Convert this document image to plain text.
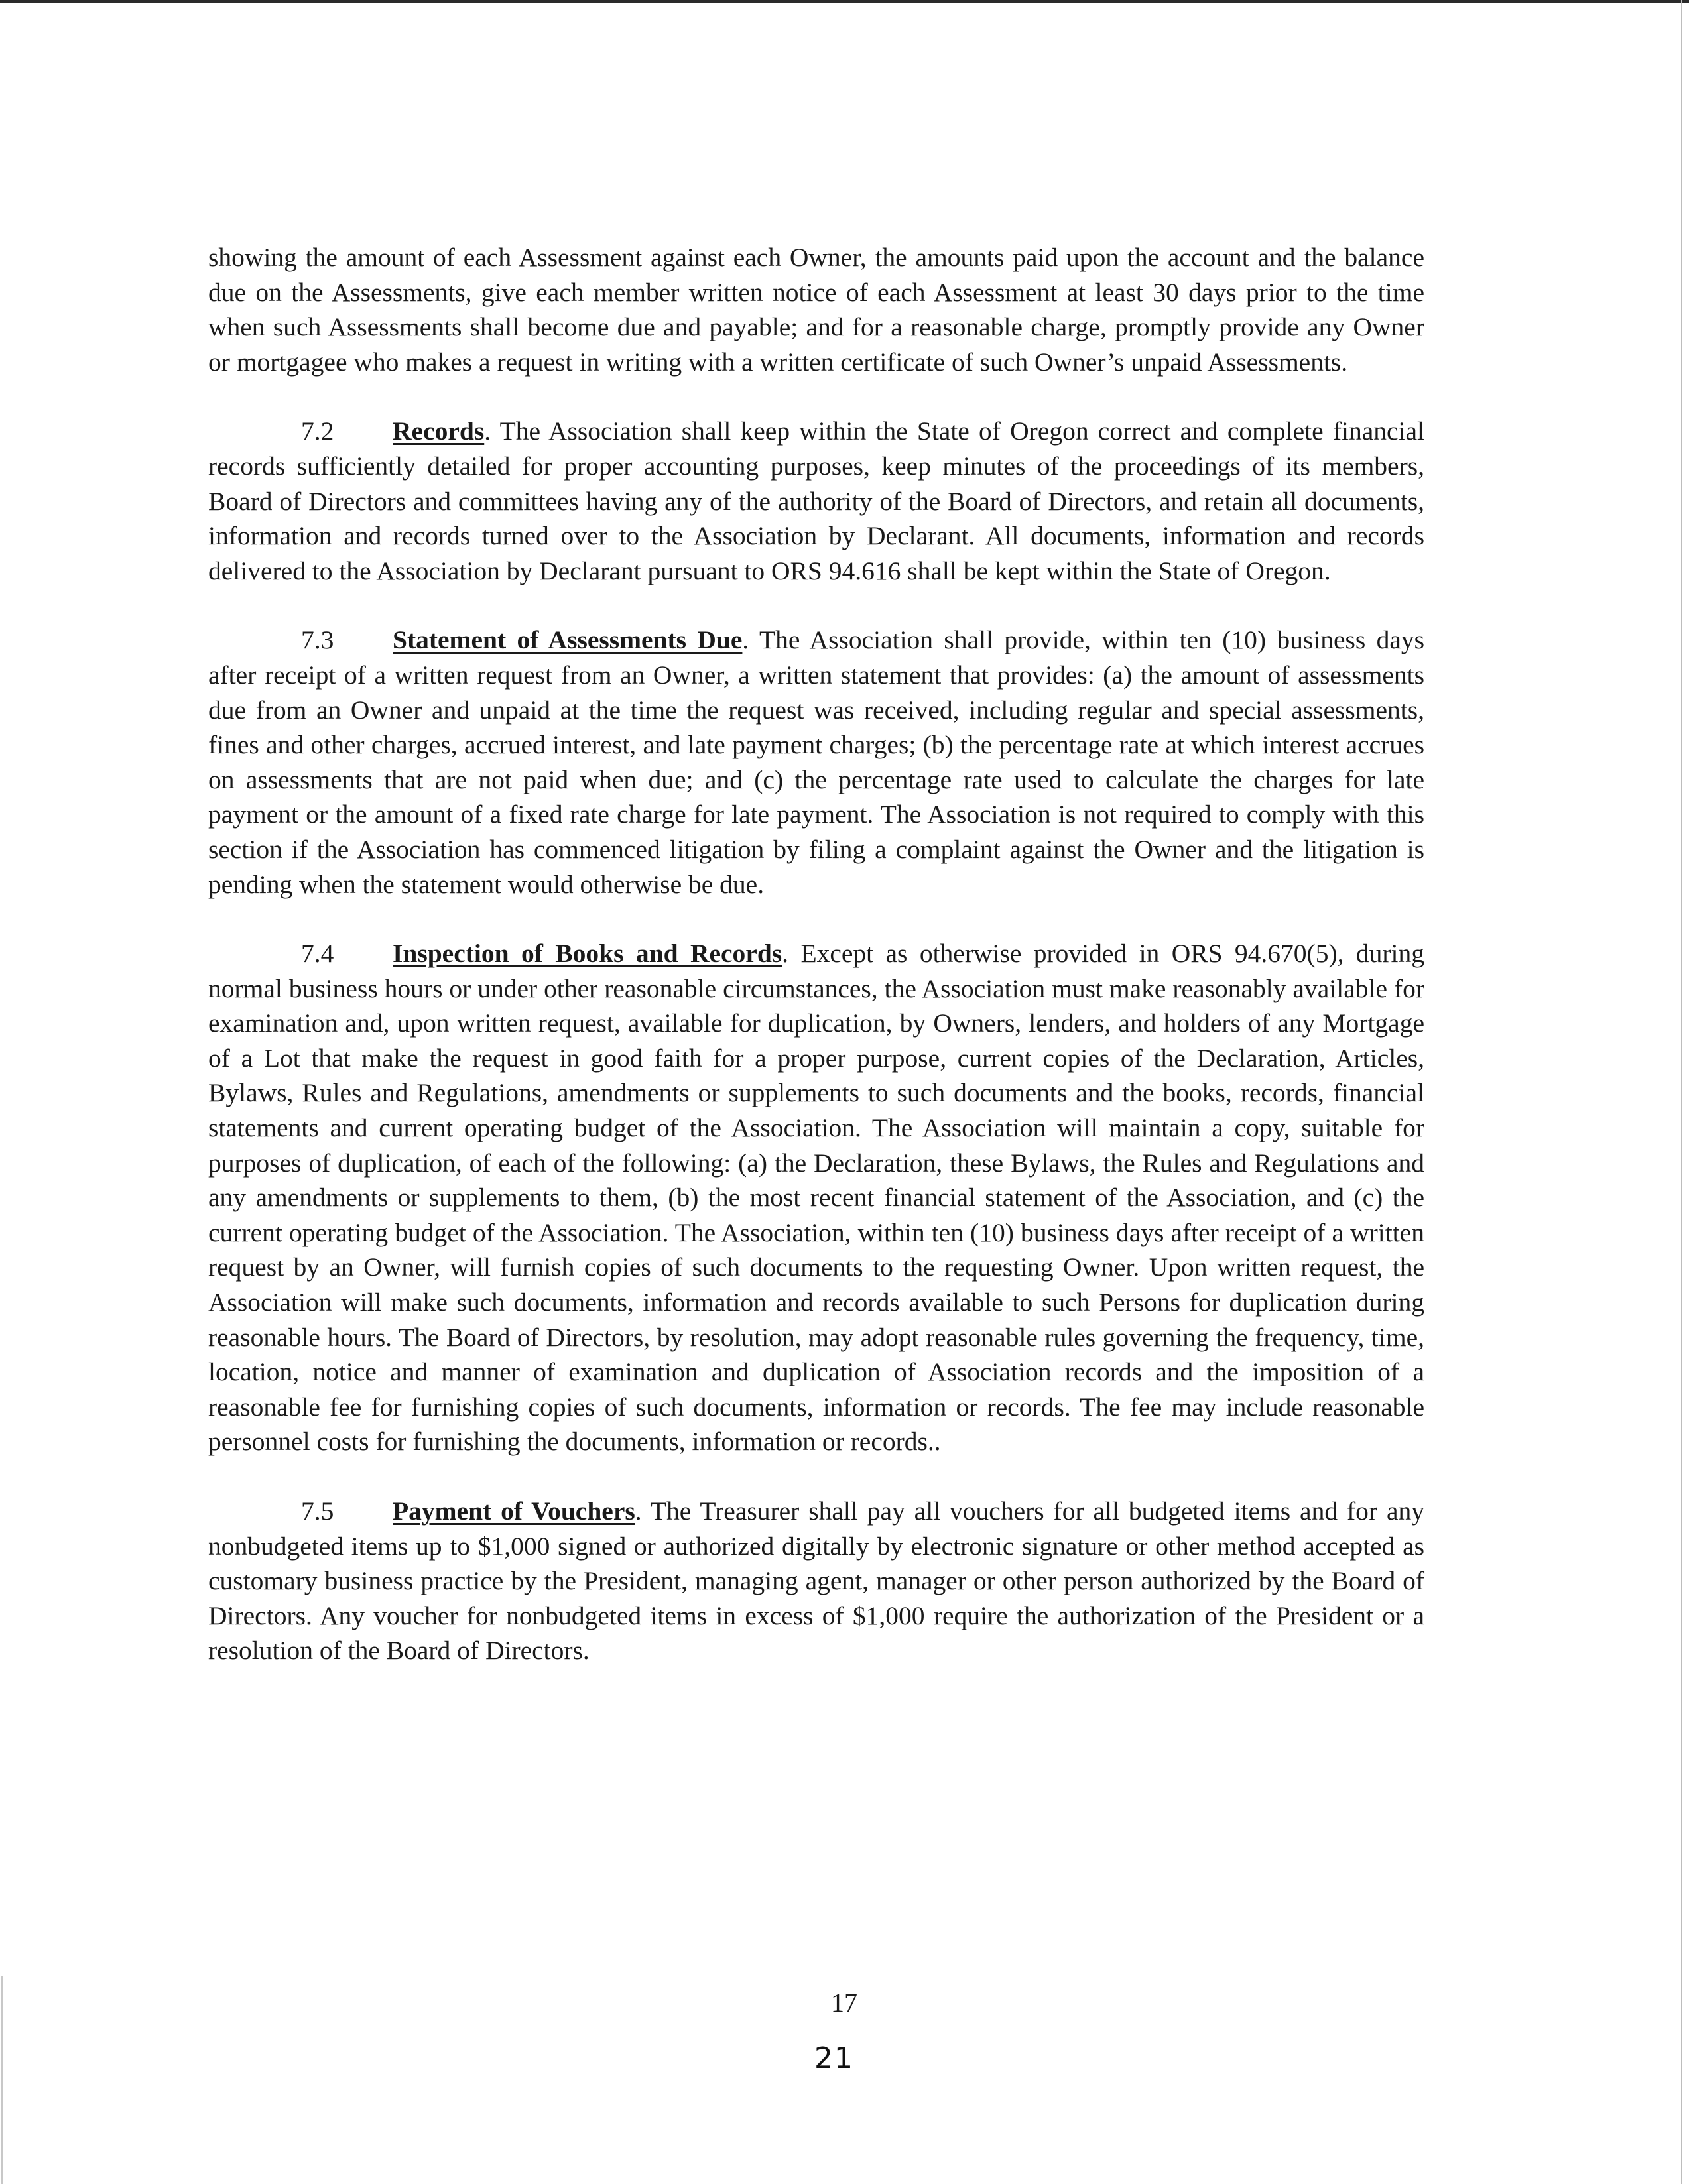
showing the amount of each Assessment against each Owner, the amounts paid upon the account and the balance due on the Assessments, give each member written notice of each Assessment at least 30 days prior to the time when such Assessments shall become due and payable; and for a reasonable charge, promptly provide any Owner or mortgagee who makes a request in writing with a written certificate of such Owner’s unpaid Assessments.

7.2 Records. The Association shall keep within the State of Oregon correct and complete financial records sufficiently detailed for proper accounting purposes, keep minutes of the proceedings of its members, Board of Directors and committees having any of the authority of the Board of Directors, and retain all documents, information and records turned over to the Association by Declarant. All documents, information and records delivered to the Association by Declarant pursuant to ORS 94.616 shall be kept within the State of Oregon.

7.3 Statement of Assessments Due. The Association shall provide, within ten (10) business days after receipt of a written request from an Owner, a written statement that provides: (a) the amount of assessments due from an Owner and unpaid at the time the request was received, including regular and special assessments, fines and other charges, accrued interest, and late payment charges; (b) the percentage rate at which interest accrues on assessments that are not paid when due; and (c) the percentage rate used to calculate the charges for late payment or the amount of a fixed rate charge for late payment. The Association is not required to comply with this section if the Association has commenced litigation by filing a complaint against the Owner and the litigation is pending when the statement would otherwise be due.

7.4 Inspection of Books and Records. Except as otherwise provided in ORS 94.670(5), during normal business hours or under other reasonable circumstances, the Association must make reasonably available for examination and, upon written request, available for duplication, by Owners, lenders, and holders of any Mortgage of a Lot that make the request in good faith for a proper purpose, current copies of the Declaration, Articles, Bylaws, Rules and Regulations, amendments or supplements to such documents and the books, records, financial statements and current operating budget of the Association. The Association will maintain a copy, suitable for purposes of duplication, of each of the following: (a) the Declaration, these Bylaws, the Rules and Regulations and any amendments or supplements to them, (b) the most recent financial statement of the Association, and (c) the current operating budget of the Association. The Association, within ten (10) business days after receipt of a written request by an Owner, will furnish copies of such documents to the requesting Owner. Upon written request, the Association will make such documents, information and records available to such Persons for duplication during reasonable hours. The Board of Directors, by resolution, may adopt reasonable rules governing the frequency, time, location, notice and manner of examination and duplication of Association records and the imposition of a reasonable fee for furnishing copies of such documents, information or records. The fee may include reasonable personnel costs for furnishing the documents, information or records..

7.5 Payment of Vouchers. The Treasurer shall pay all vouchers for all budgeted items and for any nonbudgeted items up to $1,000 signed or authorized digitally by electronic signature or other method accepted as customary business practice by the President, managing agent, manager or other person authorized by the Board of Directors. Any voucher for nonbudgeted items in excess of $1,000 require the authorization of the President or a resolution of the Board of Directors.

17
21
